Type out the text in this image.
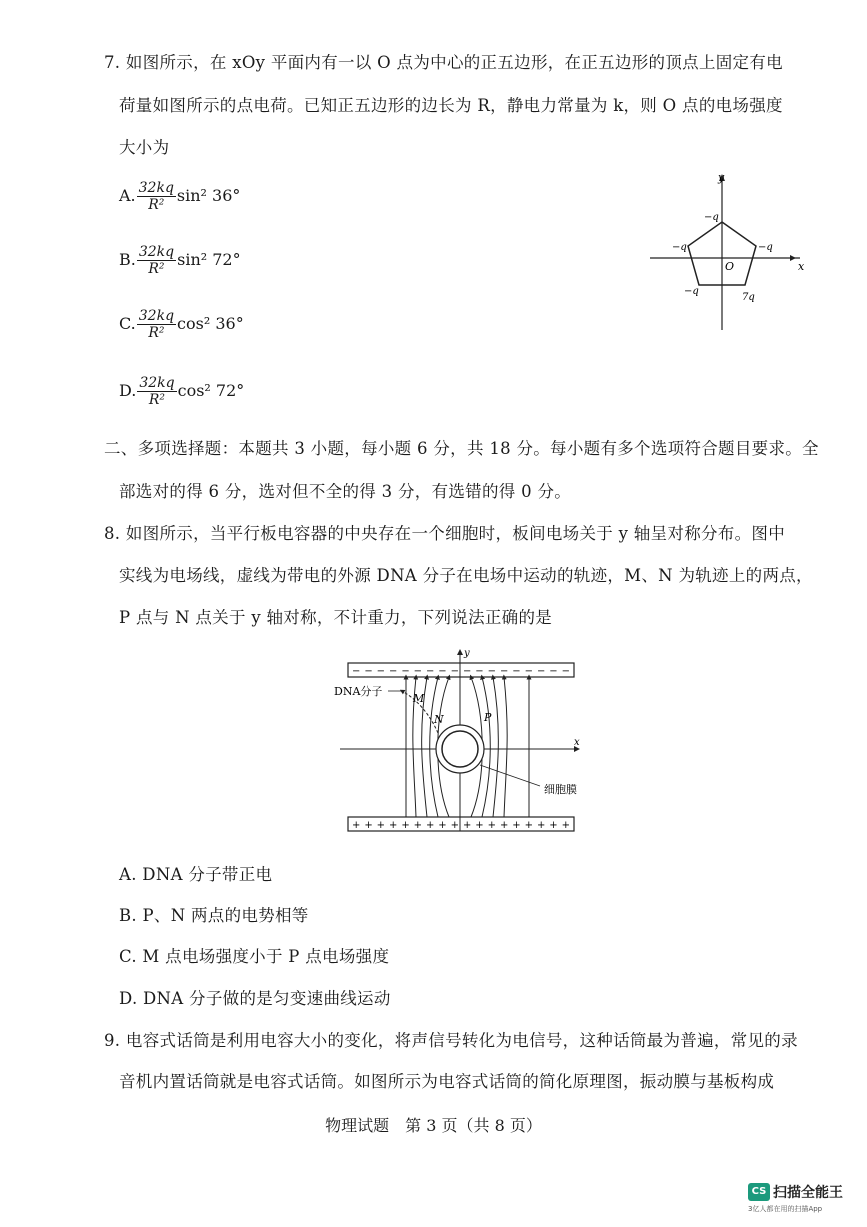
7. 如图所示，在 xOy 平面内有一以 O 点为中心的正五边形，在正五边形的顶点上固定有电
荷量如图所示的点电荷。已知正五边形的边长为 R，静电力常量为 k，则 O 点的电场强度
大小为
A. $\frac{32kq}{\text{R²}} \sin^2$ 36°
B. $\frac{32kq}{\text{R²}} \sin^2$ 72°
C. $\frac{32kq}{\text{R²}} \cos^2$ 36°
D. $\frac{32kq}{\text{R²}} \cos^2$ 72°
x
y
O
−q
−q	−q
−q
7q
二、多项选择题：本题共 3 小题，每小题 6 分，共 18 分。每小题有多个选项符合题目要求。全
部选对的得 6 分，选对但不全的得 3 分，有选错的得 0 分。
8. 如图所示，当平行板电容器的中央存在一个细胞时，板间电场关于 y 轴呈对称分布。图中
实线为电场线，虚线为带电的外源 DNA 分子在电场中运动的轨迹，M、N 为轨迹上的两点，
P 点与 N 点关于 y 轴对称，不计重力，下列说法正确的是
− − − − − − − − − − − − − − − − − −
+ + + + + + + + + + + + + + + + + +
x
y
细胞膜
DNA分子
M
N	P
A. DNA 分子带正电
B. P、N 两点的电势相等
C. M 点电场强度小于 P 点电场强度
D. DNA 分子做的是匀变速曲线运动
9. 电容式话筒是利用电容大小的变化，将声信号转化为电信号，这种话筒最为普遍，常见的录
音机内置话筒就是电容式话筒。如图所示为电容式话筒的简化原理图，振动膜与基板构成
物理试题　第 3 页（共 8 页）
CS 扫描全能王
3亿人都在用的扫描App
